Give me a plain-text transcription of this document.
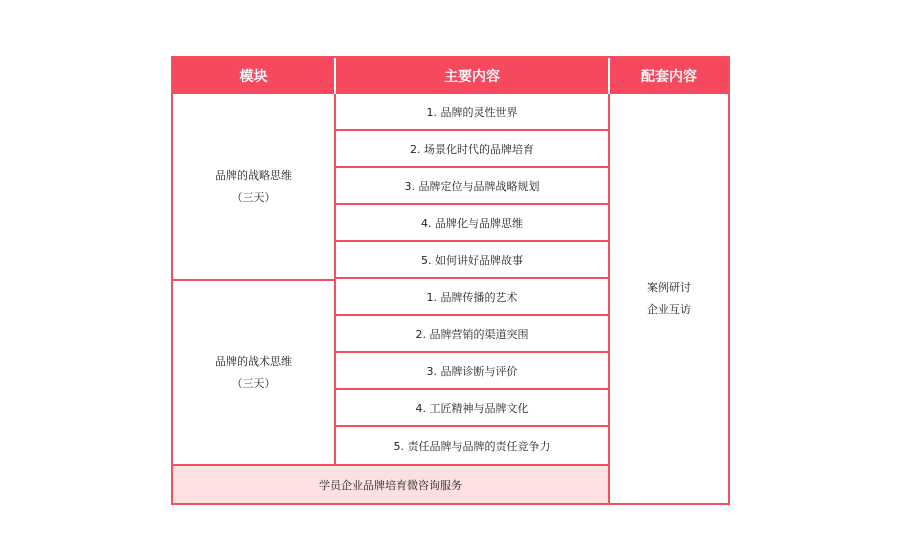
模块	主要内容	配套内容
品牌的战略思维
（三天）
1. 品牌的灵性世界
2. 场景化时代的品牌培育
3. 品牌定位与品牌战略规划
4. 品牌化与品牌思维
5. 如何讲好品牌故事
品牌的战术思维
（三天）
1. 品牌传播的艺术
2. 品牌营销的渠道突围
3. 品牌诊断与评价
4. 工匠精神与品牌文化
5. 责任品牌与品牌的责任竞争力
案例研讨
企业互访
学员企业品牌培育微咨询服务
